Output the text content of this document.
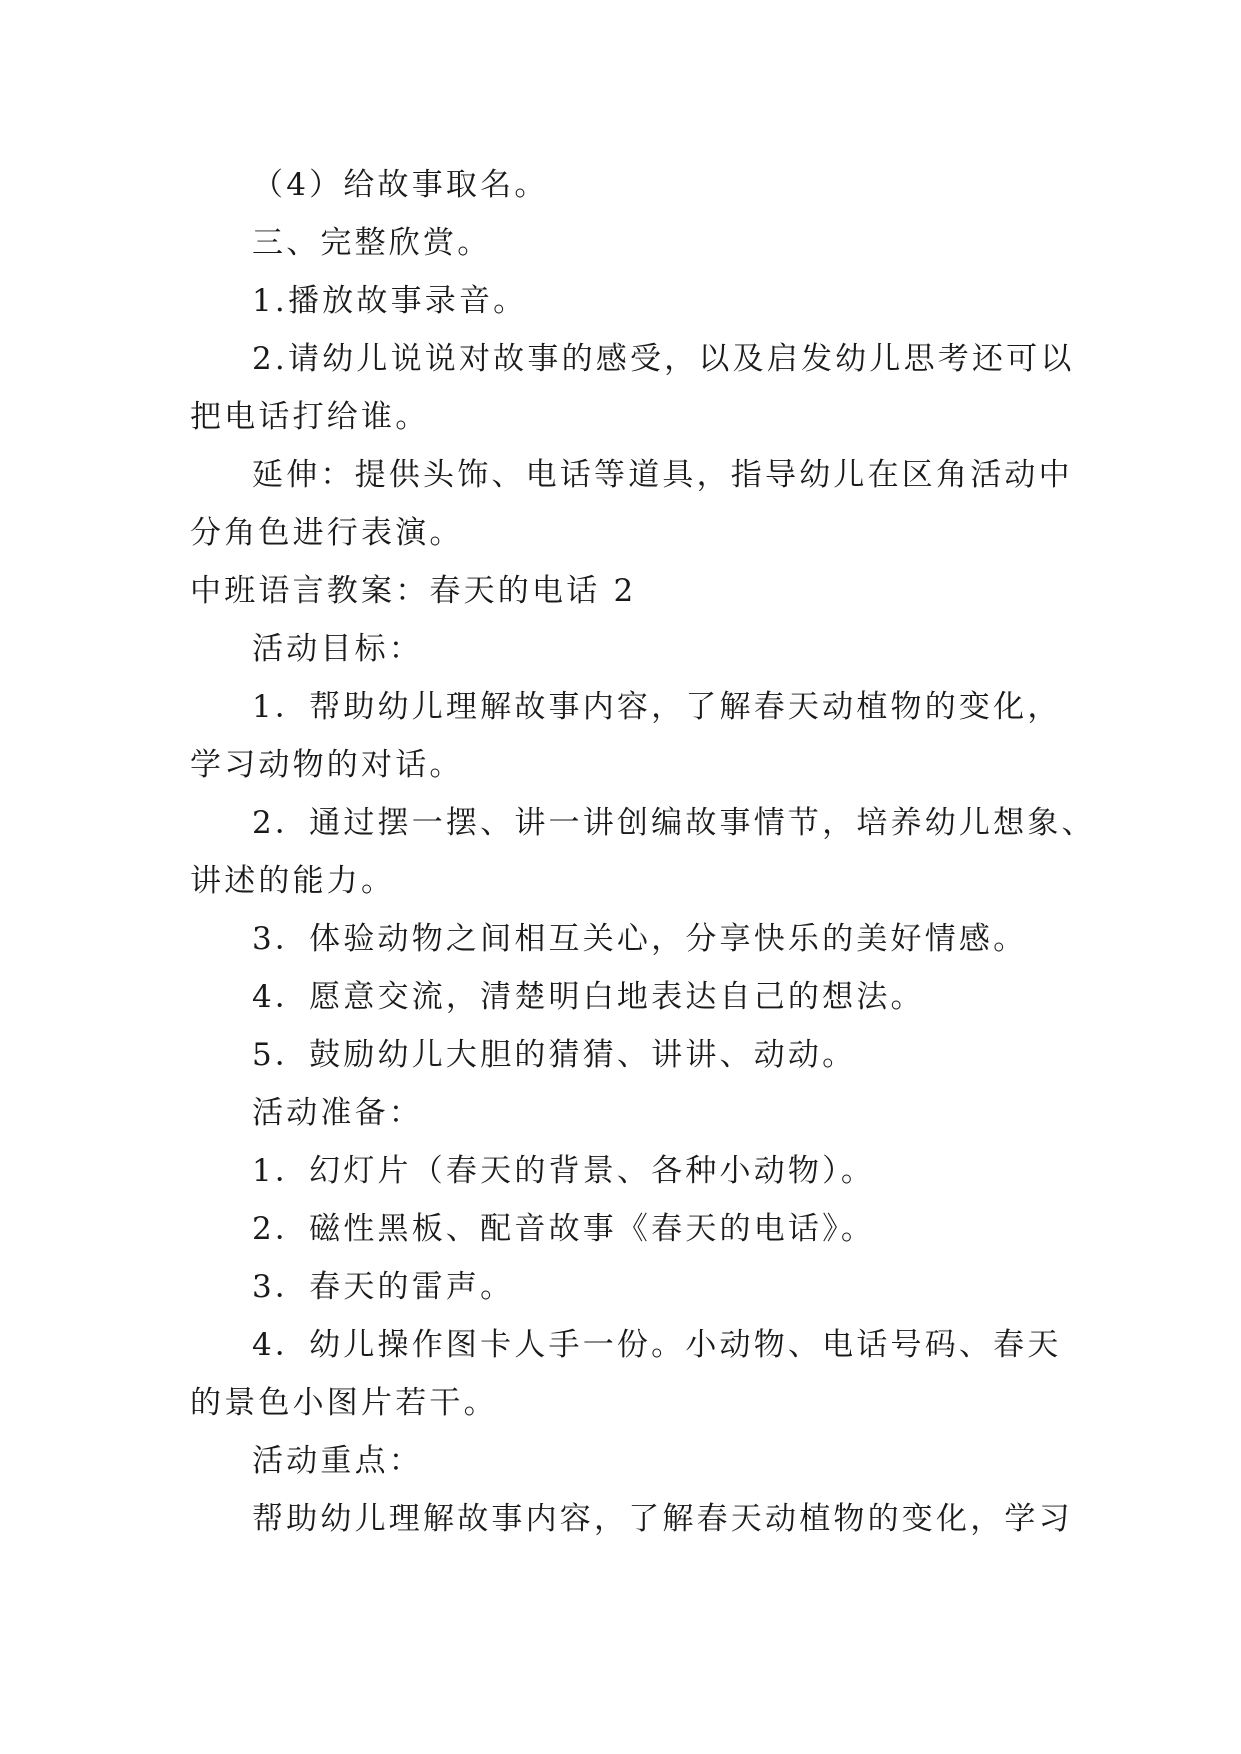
（4）给故事取名。

三、完整欣赏。

1.播放故事录音。

2.请幼儿说说对故事的感受，以及启发幼儿思考还可以

把电话打给谁。

延伸：提供头饰、电话等道具，指导幼儿在区角活动中

分角色进行表演。

中班语言教案：春天的电话 2

活动目标：

1．帮助幼儿理解故事内容，了解春天动植物的变化，

学习动物的对话。

2．通过摆一摆、讲一讲创编故事情节，培养幼儿想象、

讲述的能力。

3．体验动物之间相互关心，分享快乐的美好情感。

4．愿意交流，清楚明白地表达自己的想法。

5．鼓励幼儿大胆的猜猜、讲讲、动动。

活动准备：

1．幻灯片（春天的背景、各种小动物）。

2．磁性黑板、配音故事《春天的电话》。

3．春天的雷声。

4．幼儿操作图卡人手一份。小动物、电话号码、春天

的景色小图片若干。

活动重点：

帮助幼儿理解故事内容，了解春天动植物的变化，学习
